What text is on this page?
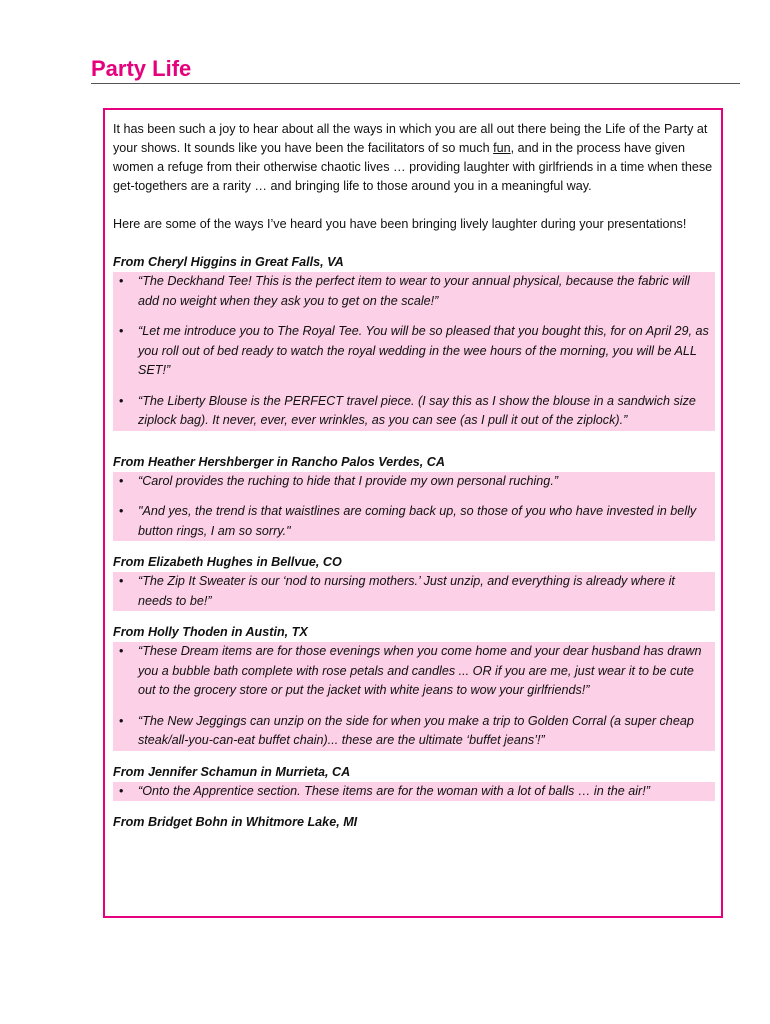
Party Life

It has been such a joy to hear about all the ways in which you are all out there being the Life of the Party at your shows. It sounds like you have been the facilitators of so much fun, and in the process have given women a refuge from their otherwise chaotic lives … providing laughter with girlfriends in a time when these get-togethers are a rarity … and bringing life to those around you in a meaningful way.

Here are some of the ways I’ve heard you have been bringing lively laughter during your presentations!

From Cheryl Higgins in Great Falls, VA

• “The Deckhand Tee! This is the perfect item to wear to your annual physical, because the fabric will add no weight when they ask you to get on the scale!”
• “Let me introduce you to The Royal Tee. You will be so pleased that you bought this, for on April 29, as you roll out of bed ready to watch the royal wedding in the wee hours of the morning, you will be ALL SET!”
• “The Liberty Blouse is the PERFECT travel piece. (I say this as I show the blouse in a sandwich size ziplock bag). It never, ever, ever wrinkles, as you can see (as I pull it out of the ziplock).”

From Heather Hershberger in Rancho Palos Verdes, CA

• “Carol provides the ruching to hide that I provide my own personal ruching.”
• "And yes, the trend is that waistlines are coming back up, so those of you who have invested in belly button rings, I am so sorry."

From Elizabeth Hughes in Bellvue, CO

• “The Zip It Sweater is our ‘nod to nursing mothers.’ Just unzip, and everything is already where it needs to be!”

From Holly Thoden in Austin, TX

• “These Dream items are for those evenings when you come home and your dear husband has drawn you a bubble bath complete with rose petals and candles ... OR if you are me, just wear it to be cute out to the grocery store or put the jacket with white jeans to wow your girlfriends!”
• “The New Jeggings can unzip on the side for when you make a trip to Golden Corral (a super cheap steak/all-you-can-eat buffet chain)... these are the ultimate ‘buffet jeans’!”

From Jennifer Schamun in Murrieta, CA

• “Onto the Apprentice section. These items are for the woman with a lot of balls … in the air!”

From Bridget Bohn in Whitmore Lake, MI
